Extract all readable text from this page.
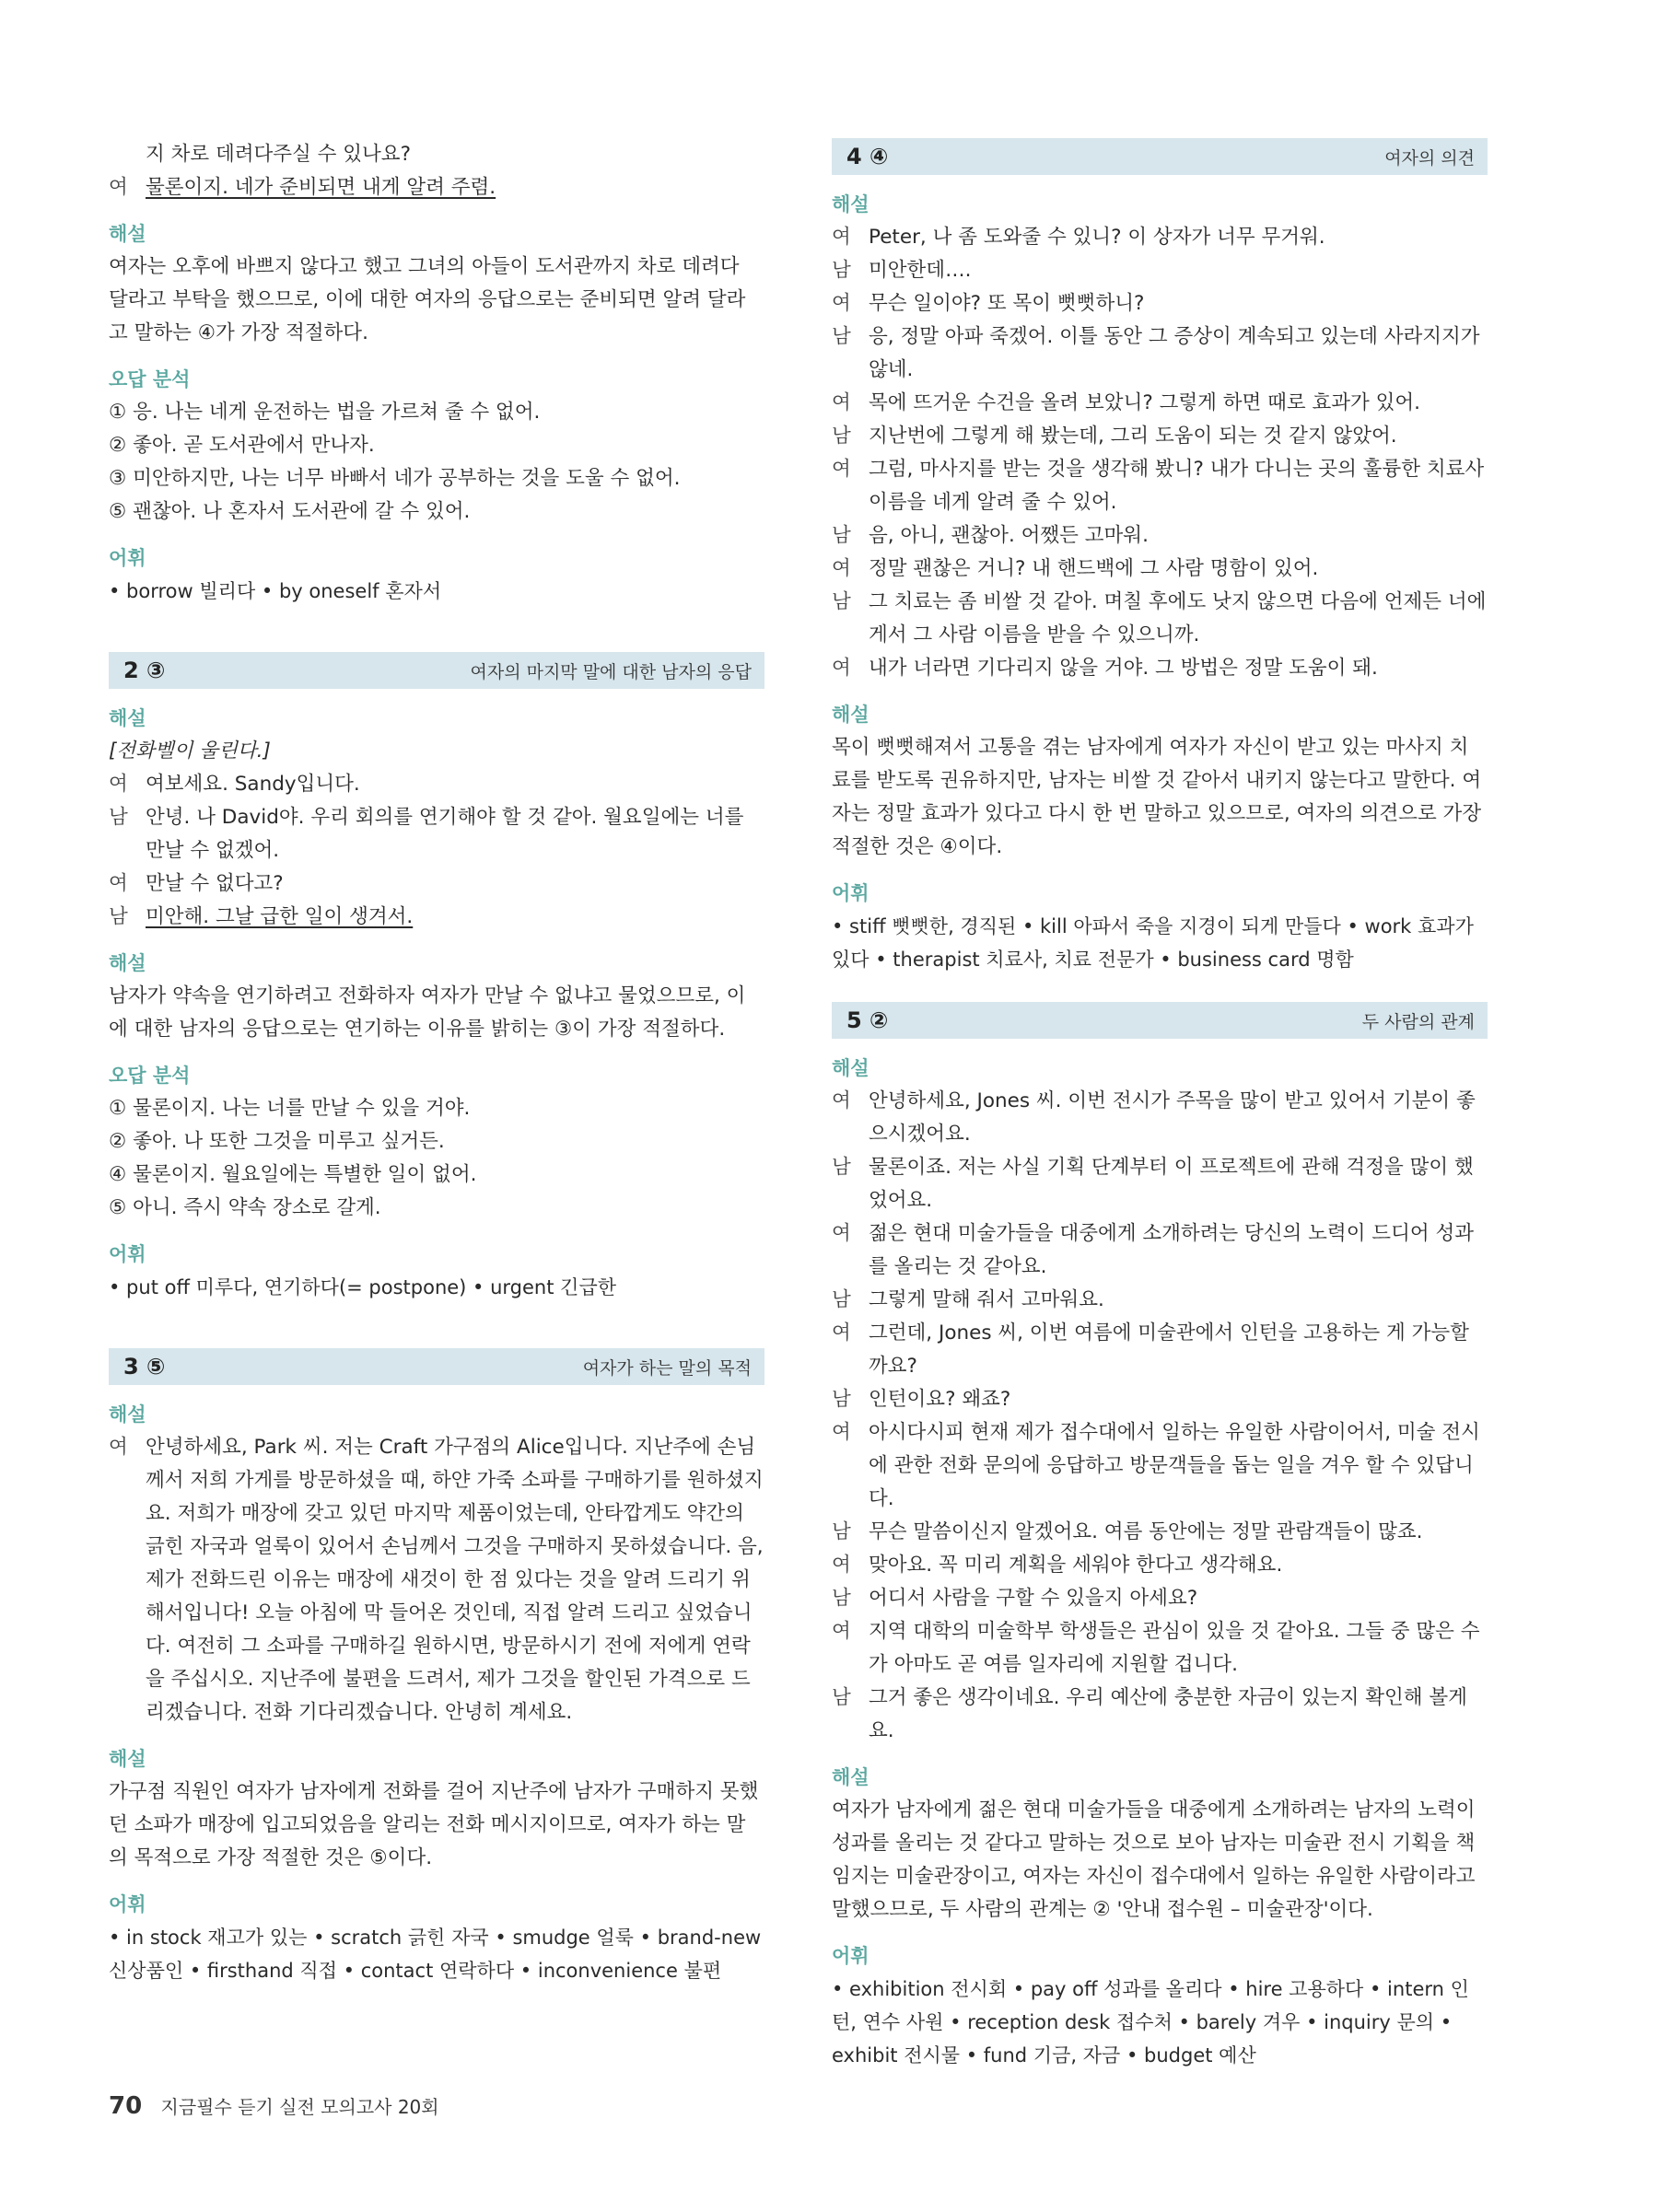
지 차로 데려다주실 수 있나요?
여 물론이지. 네가 준비되면 내게 알려 주렴.
해설
여자는 오후에 바쁘지 않다고 했고 그녀의 아들이 도서관까지 차로 데려다 달라고 부탁을 했으므로, 이에 대한 여자의 응답으로는 준비되면 알려 달라고 말하는 ④가 가장 적절하다.
오답 분석
① 응. 나는 네게 운전하는 법을 가르쳐 줄 수 없어.
② 좋아. 곧 도서관에서 만나자.
③ 미안하지만, 나는 너무 바빠서 네가 공부하는 것을 도울 수 없어.
⑤ 괜찮아. 나 혼자서 도서관에 갈 수 있어.
어휘
• borrow 빌리다 • by oneself 혼자서
2 ③	여자의 마지막 말에 대한 남자의 응답
해설
[전화벨이 울린다.]
여 여보세요. Sandy입니다.
남 안녕. 나 David야. 우리 회의를 연기해야 할 것 같아. 월요일에는 너를 만날 수 없겠어.
여 만날 수 없다고?
남 미안해. 그날 급한 일이 생겨서.
해설
남자가 약속을 연기하려고 전화하자 여자가 만날 수 없냐고 물었으므로, 이에 대한 남자의 응답으로는 연기하는 이유를 밝히는 ③이 가장 적절하다.
오답 분석
① 물론이지. 나는 너를 만날 수 있을 거야.
② 좋아. 나 또한 그것을 미루고 싶거든.
④ 물론이지. 월요일에는 특별한 일이 없어.
⑤ 아니. 즉시 약속 장소로 갈게.
어휘
• put off 미루다, 연기하다(= postpone) • urgent 긴급한
3 ⑤	여자가 하는 말의 목적
해설
여 안녕하세요, Park 씨. 저는 Craft 가구점의 Alice입니다. 지난주에 손님께서 저희 가게를 방문하셨을 때, 하얀 가죽 소파를 구매하기를 원하셨지요. 저희가 매장에 갖고 있던 마지막 제품이었는데, 안타깝게도 약간의 긁힌 자국과 얼룩이 있어서 손님께서 그것을 구매하지 못하셨습니다. 음, 제가 전화드린 이유는 매장에 새것이 한 점 있다는 것을 알려 드리기 위해서입니다! 오늘 아침에 막 들어온 것인데, 직접 알려 드리고 싶었습니다. 여전히 그 소파를 구매하길 원하시면, 방문하시기 전에 저에게 연락을 주십시오. 지난주에 불편을 드려서, 제가 그것을 할인된 가격으로 드리겠습니다. 전화 기다리겠습니다. 안녕히 계세요.
해설
가구점 직원인 여자가 남자에게 전화를 걸어 지난주에 남자가 구매하지 못했던 소파가 매장에 입고되었음을 알리는 전화 메시지이므로, 여자가 하는 말의 목적으로 가장 적절한 것은 ⑤이다.
어휘
• in stock 재고가 있는 • scratch 긁힌 자국 • smudge 얼룩 • brand-new 신상품인 • firsthand 직접 • contact 연락하다 • inconvenience 불편
4 ④	여자의 의견
해설
여 Peter, 나 좀 도와줄 수 있니? 이 상자가 너무 무거워.
남 미안한데….
여 무슨 일이야? 또 목이 뻣뻣하니?
남 응, 정말 아파 죽겠어. 이틀 동안 그 증상이 계속되고 있는데 사라지지가 않네.
여 목에 뜨거운 수건을 올려 보았니? 그렇게 하면 때로 효과가 있어.
남 지난번에 그렇게 해 봤는데, 그리 도움이 되는 것 같지 않았어.
여 그럼, 마사지를 받는 것을 생각해 봤니? 내가 다니는 곳의 훌륭한 치료사 이름을 네게 알려 줄 수 있어.
남 음, 아니, 괜찮아. 어쨌든 고마워.
여 정말 괜찮은 거니? 내 핸드백에 그 사람 명함이 있어.
남 그 치료는 좀 비쌀 것 같아. 며칠 후에도 낫지 않으면 다음에 언제든 너에게서 그 사람 이름을 받을 수 있으니까.
여 내가 너라면 기다리지 않을 거야. 그 방법은 정말 도움이 돼.
해설
목이 뻣뻣해져서 고통을 겪는 남자에게 여자가 자신이 받고 있는 마사지 치료를 받도록 권유하지만, 남자는 비쌀 것 같아서 내키지 않는다고 말한다. 여자는 정말 효과가 있다고 다시 한 번 말하고 있으므로, 여자의 의견으로 가장 적절한 것은 ④이다.
어휘
• stiff 뻣뻣한, 경직된 • kill 아파서 죽을 지경이 되게 만들다 • work 효과가 있다 • therapist 치료사, 치료 전문가 • business card 명함
5 ②	두 사람의 관계
해설
여 안녕하세요, Jones 씨. 이번 전시가 주목을 많이 받고 있어서 기분이 좋으시겠어요.
남 물론이죠. 저는 사실 기획 단계부터 이 프로젝트에 관해 걱정을 많이 했었어요.
여 젊은 현대 미술가들을 대중에게 소개하려는 당신의 노력이 드디어 성과를 올리는 것 같아요.
남 그렇게 말해 줘서 고마워요.
여 그런데, Jones 씨, 이번 여름에 미술관에서 인턴을 고용하는 게 가능할까요?
남 인턴이요? 왜죠?
여 아시다시피 현재 제가 접수대에서 일하는 유일한 사람이어서, 미술 전시에 관한 전화 문의에 응답하고 방문객들을 돕는 일을 겨우 할 수 있답니다.
남 무슨 말씀이신지 알겠어요. 여름 동안에는 정말 관람객들이 많죠.
여 맞아요. 꼭 미리 계획을 세워야 한다고 생각해요.
남 어디서 사람을 구할 수 있을지 아세요?
여 지역 대학의 미술학부 학생들은 관심이 있을 것 같아요. 그들 중 많은 수가 아마도 곧 여름 일자리에 지원할 겁니다.
남 그거 좋은 생각이네요. 우리 예산에 충분한 자금이 있는지 확인해 볼게요.
해설
여자가 남자에게 젊은 현대 미술가들을 대중에게 소개하려는 남자의 노력이 성과를 올리는 것 같다고 말하는 것으로 보아 남자는 미술관 전시 기획을 책임지는 미술관장이고, 여자는 자신이 접수대에서 일하는 유일한 사람이라고 말했으므로, 두 사람의 관계는 ② '안내 접수원 – 미술관장'이다.
어휘
• exhibition 전시회 • pay off 성과를 올리다 • hire 고용하다 • intern 인턴, 연수 사원 • reception desk 접수처 • barely 겨우 • inquiry 문의 • exhibit 전시물 • fund 기금, 자금 • budget 예산
70 지금필수 듣기 실전 모의고사 20회
